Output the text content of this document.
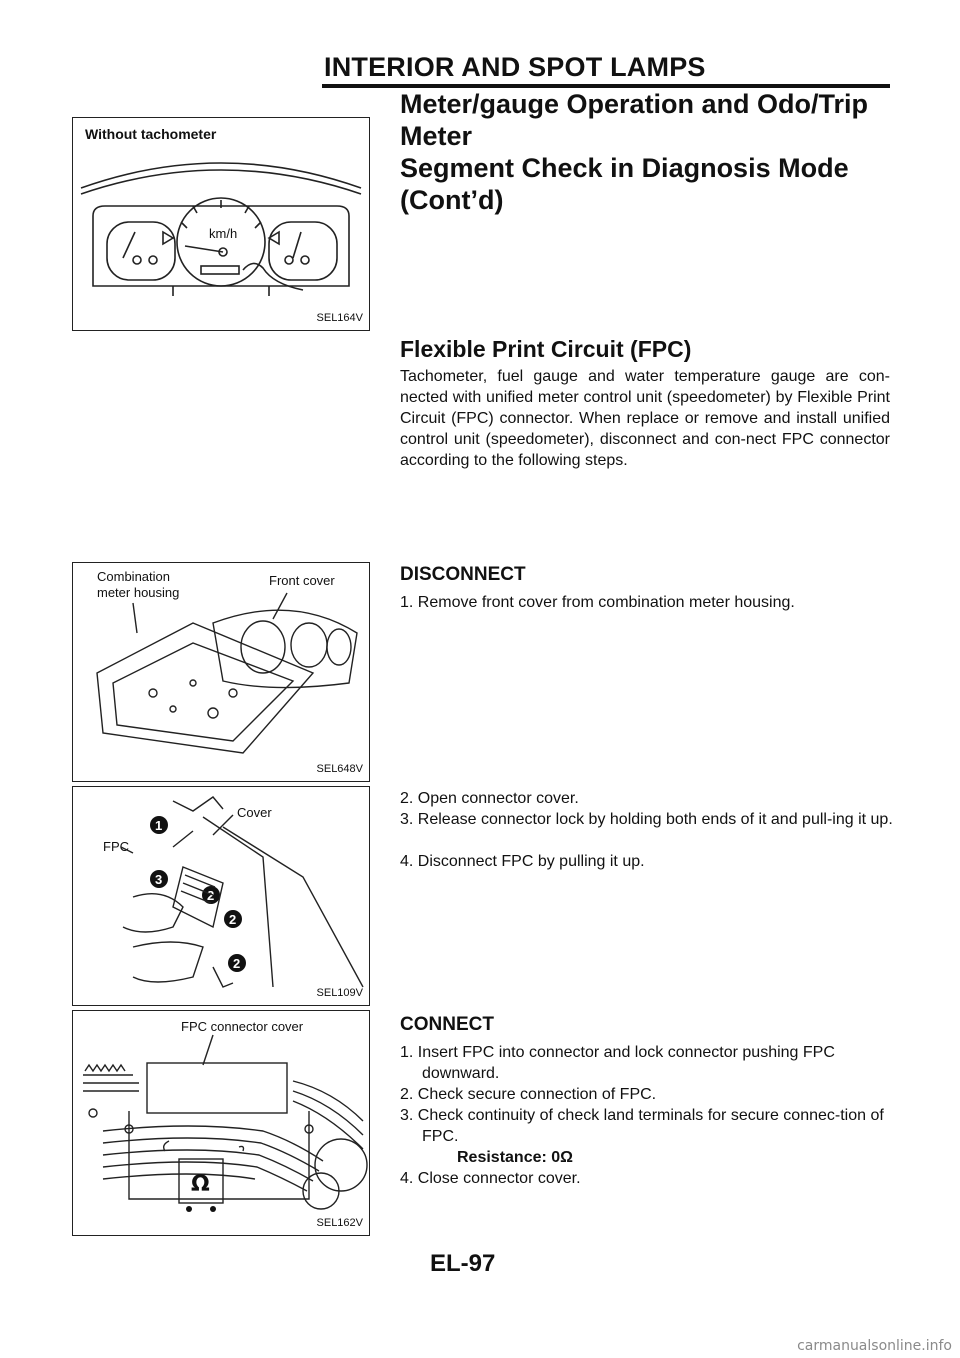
INTERIOR AND SPOT LAMPS
Meter/gauge Operation and Odo/Trip Meter
Segment Check in Diagnosis Mode (Cont’d)
Without tachometer
km/h
SEL164V
Flexible Print Circuit (FPC)
Tachometer, fuel gauge and water temperature gauge are con-nected with unified meter control unit (speedometer) by Flexible Print Circuit (FPC) connector. When replace or remove and install unified control unit (speedometer), disconnect and con-nect FPC connector according to the following steps.
Combination
meter housing
Front cover
SEL648V
DISCONNECT

1. Remove front cover from combination meter housing.

Cover
FPC
1
2
2
2
3
SEL109V

2. Open connector cover.

3. Release connector lock by holding both ends of it and pull-ing it up.

4. Disconnect FPC by pulling it up.

FPC connector cover
Ω
SEL162V
CONNECT

1. Insert FPC into connector and lock connector pushing FPC downward.

2. Check secure connection of FPC.

3. Check continuity of check land terminals for secure connec-tion of FPC.

Resistance: 0Ω

4. Close connector cover.

EL-97
carmanualsonline.info
